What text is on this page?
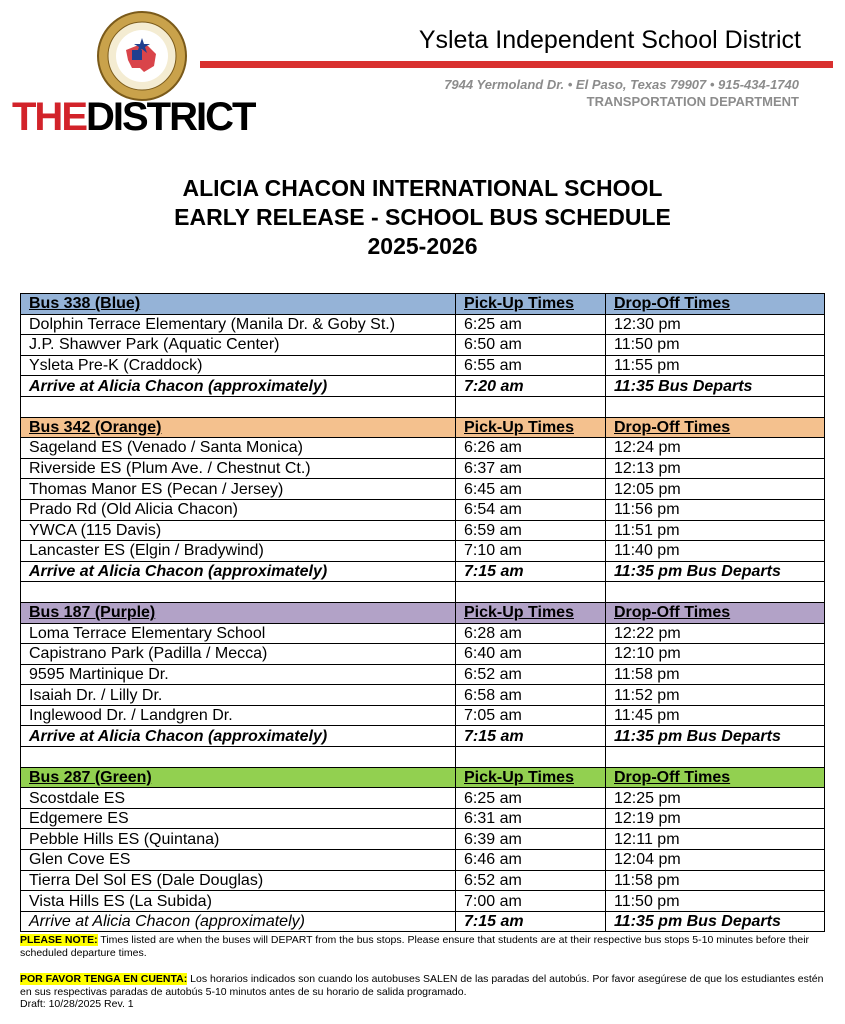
THEDISTRICT
Ysleta Independent School District
7944 Yermoland Dr. • El Paso, Texas 79907 • 915-434-1740
TRANSPORTATION DEPARTMENT
ALICIA CHACON INTERNATIONAL SCHOOL
EARLY RELEASE - SCHOOL BUS SCHEDULE
2025-2026
Bus 338 (Blue)	Pick-Up Times	Drop-Off Times
Dolphin Terrace Elementary (Manila Dr. & Goby St.)	6:25 am	12:30 pm
J.P. Shawver Park (Aquatic Center)	6:50 am	11:50 pm
Ysleta Pre-K (Craddock)	6:55 am	11:55 pm
Arrive at Alicia Chacon (approximately)	7:20 am	11:35 Bus Departs

Bus 342 (Orange)	Pick-Up Times	Drop-Off Times
Sageland ES (Venado / Santa Monica)	6:26 am	12:24 pm
Riverside ES (Plum Ave. / Chestnut Ct.)	6:37 am	12:13 pm
Thomas Manor ES (Pecan / Jersey)	6:45 am	12:05 pm
Prado Rd (Old Alicia Chacon)	6:54 am	11:56 pm
YWCA (115 Davis)	6:59 am	11:51 pm
Lancaster ES (Elgin / Bradywind)	7:10 am	11:40 pm
Arrive at Alicia Chacon (approximately)	7:15 am	11:35 pm Bus Departs

Bus 187 (Purple)	Pick-Up Times	Drop-Off Times
Loma Terrace Elementary School	6:28 am	12:22 pm
Capistrano Park (Padilla / Mecca)	6:40 am	12:10 pm
9595 Martinique Dr.	6:52 am	11:58 pm
Isaiah Dr. / Lilly Dr.	6:58 am	11:52 pm
Inglewood Dr. / Landgren Dr.	7:05 am	11:45 pm
Arrive at Alicia Chacon (approximately)	7:15 am	11:35 pm Bus Departs

Bus 287 (Green)	Pick-Up Times	Drop-Off Times
Scostdale ES	6:25 am	12:25 pm
Edgemere ES	6:31 am	12:19 pm
Pebble Hills ES (Quintana)	6:39 am	12:11 pm
Glen Cove ES	6:46 am	12:04 pm
Tierra Del Sol ES (Dale Douglas)	6:52 am	11:58 pm
Vista Hills ES (La Subida)	7:00 am	11:50 pm
Arrive at Alicia Chacon (approximately)	7:15 am	11:35 pm Bus Departs

PLEASE NOTE: Times listed are when the buses will DEPART from the bus stops. Please ensure that students are at their respective bus stops 5-10 minutes before their scheduled departure times.

POR FAVOR TENGA EN CUENTA: Los horarios indicados son cuando los autobuses SALEN de las paradas del autobús. Por favor asegúrese de que los estudiantes estén en sus respectivas paradas de autobús 5-10 minutos antes de su horario de salida programado.

Draft: 10/28/2025 Rev. 1
